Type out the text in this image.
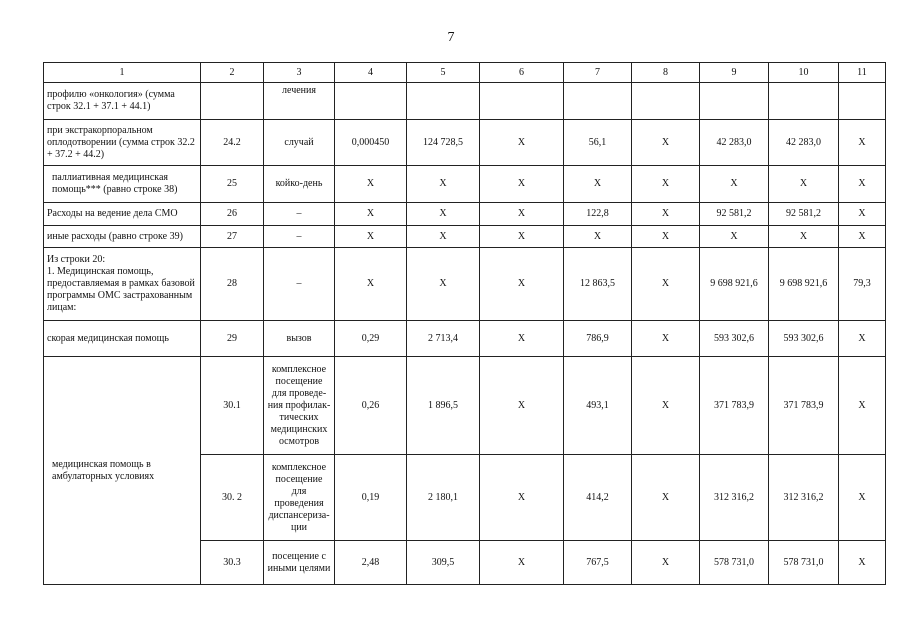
7
1	2	3	4	5	6	7	8	9	10	11
профилю «онкология» (сумма строк 32.1 + 37.1 + 44.1)		лечения								
при экстракорпоральном оплодотворении (сумма строк 32.2 + 37.2 + 44.2)	24.2	случай	0,000450	124 728,5	X	56,1	X	42 283,0	42 283,0	X
паллиативная медицинская помощь*** (равно строке 38)	25	койко-день	X	X	X	X	X	X	X	X
Расходы на ведение дела СМО	26	–	X	X	X	122,8	X	92 581,2	92 581,2	X
иные расходы (равно строке 39)	27	–	X	X	X	X	X	X	X	X
Из строки 20:
1. Медицинская помощь, предоставляемая в рамках базовой программы ОМС застрахованным лицам:	28	–	X	X	X	12 863,5	X	9 698 921,6	9 698 921,6	79,3
скорая медицинская помощь	29	вызов	0,29	2 713,4	X	786,9	X	593 302,6	593 302,6	X
медицинская помощь в амбулаторных условиях	30.1	комплексное посещение для проведе-ния профилак-тических медицинских осмотров	0,26	1 896,5	X	493,1	X	371 783,9	371 783,9	X
	30. 2	комплексное посещение для проведения диспансериза-ции	0,19	2 180,1	X	414,2	X	312 316,2	312 316,2	X
	30.3	посещение с иными целями	2,48	309,5	X	767,5	X	578 731,0	578 731,0	X
